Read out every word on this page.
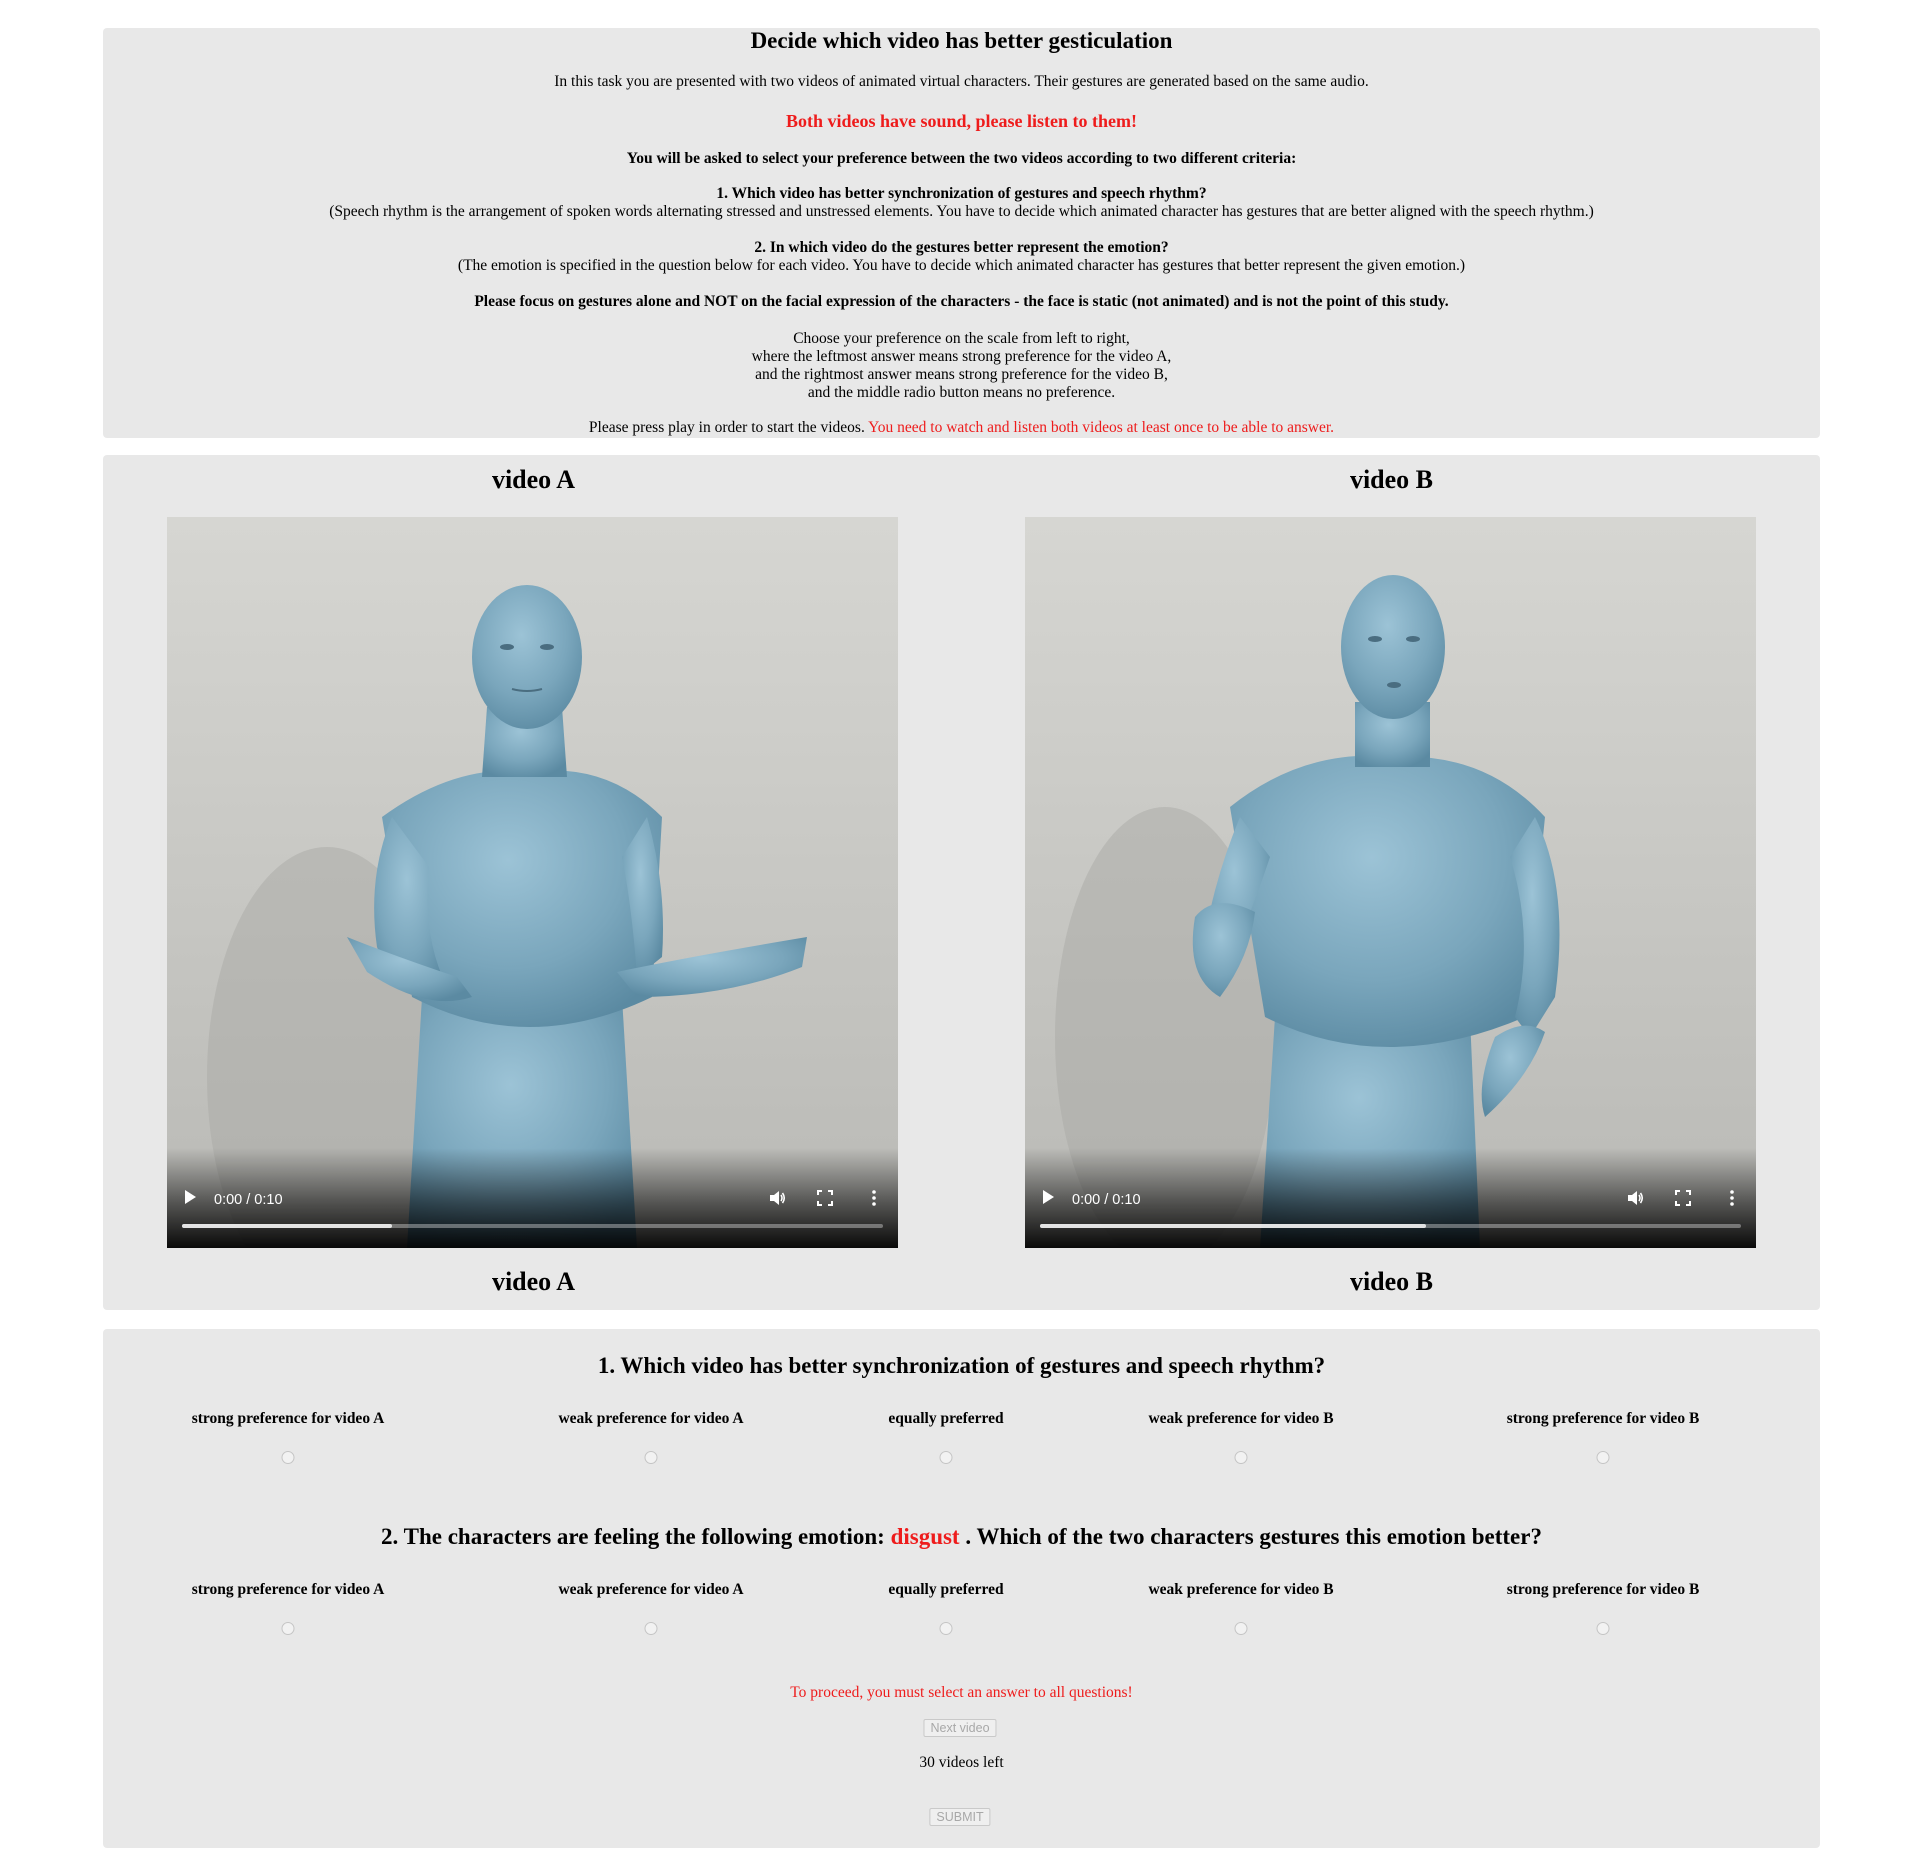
Decide which video has better gesticulation
In this task you are presented with two videos of animated virtual characters. Their gestures are generated based on the same audio.
Both videos have sound, please listen to them!
You will be asked to select your preference between the two videos according to two different criteria:
1. Which video has better synchronization of gestures and speech rhythm?
(Speech rhythm is the arrangement of spoken words alternating stressed and unstressed elements. You have to decide which animated character has gestures that are better aligned with the speech rhythm.)
2. In which video do the gestures better represent the emotion?
(The emotion is specified in the question below for each video. You have to decide which animated character has gestures that better represent the given emotion.)
Please focus on gestures alone and NOT on the facial expression of the characters - the face is static (not animated) and is not the point of this study.
Choose your preference on the scale from left to right,
where the leftmost answer means strong preference for the video A,
and the rightmost answer means strong preference for the video B,
and the middle radio button means no preference.
Please press play in order to start the videos. You need to watch and listen both videos at least once to be able to answer.
video A	video B
0:00 / 0:10	0:00 / 0:10
video A	video B
1. Which video has better synchronization of gestures and speech rhythm?
strong preference for video A	weak preference for video A	equally preferred	weak preference for video B	strong preference for video B
2. The characters are feeling the following emotion: disgust . Which of the two characters gestures this emotion better?
strong preference for video A	weak preference for video A	equally preferred	weak preference for video B	strong preference for video B
To proceed, you must select an answer to all questions!
Next video
30 videos left
SUBMIT
